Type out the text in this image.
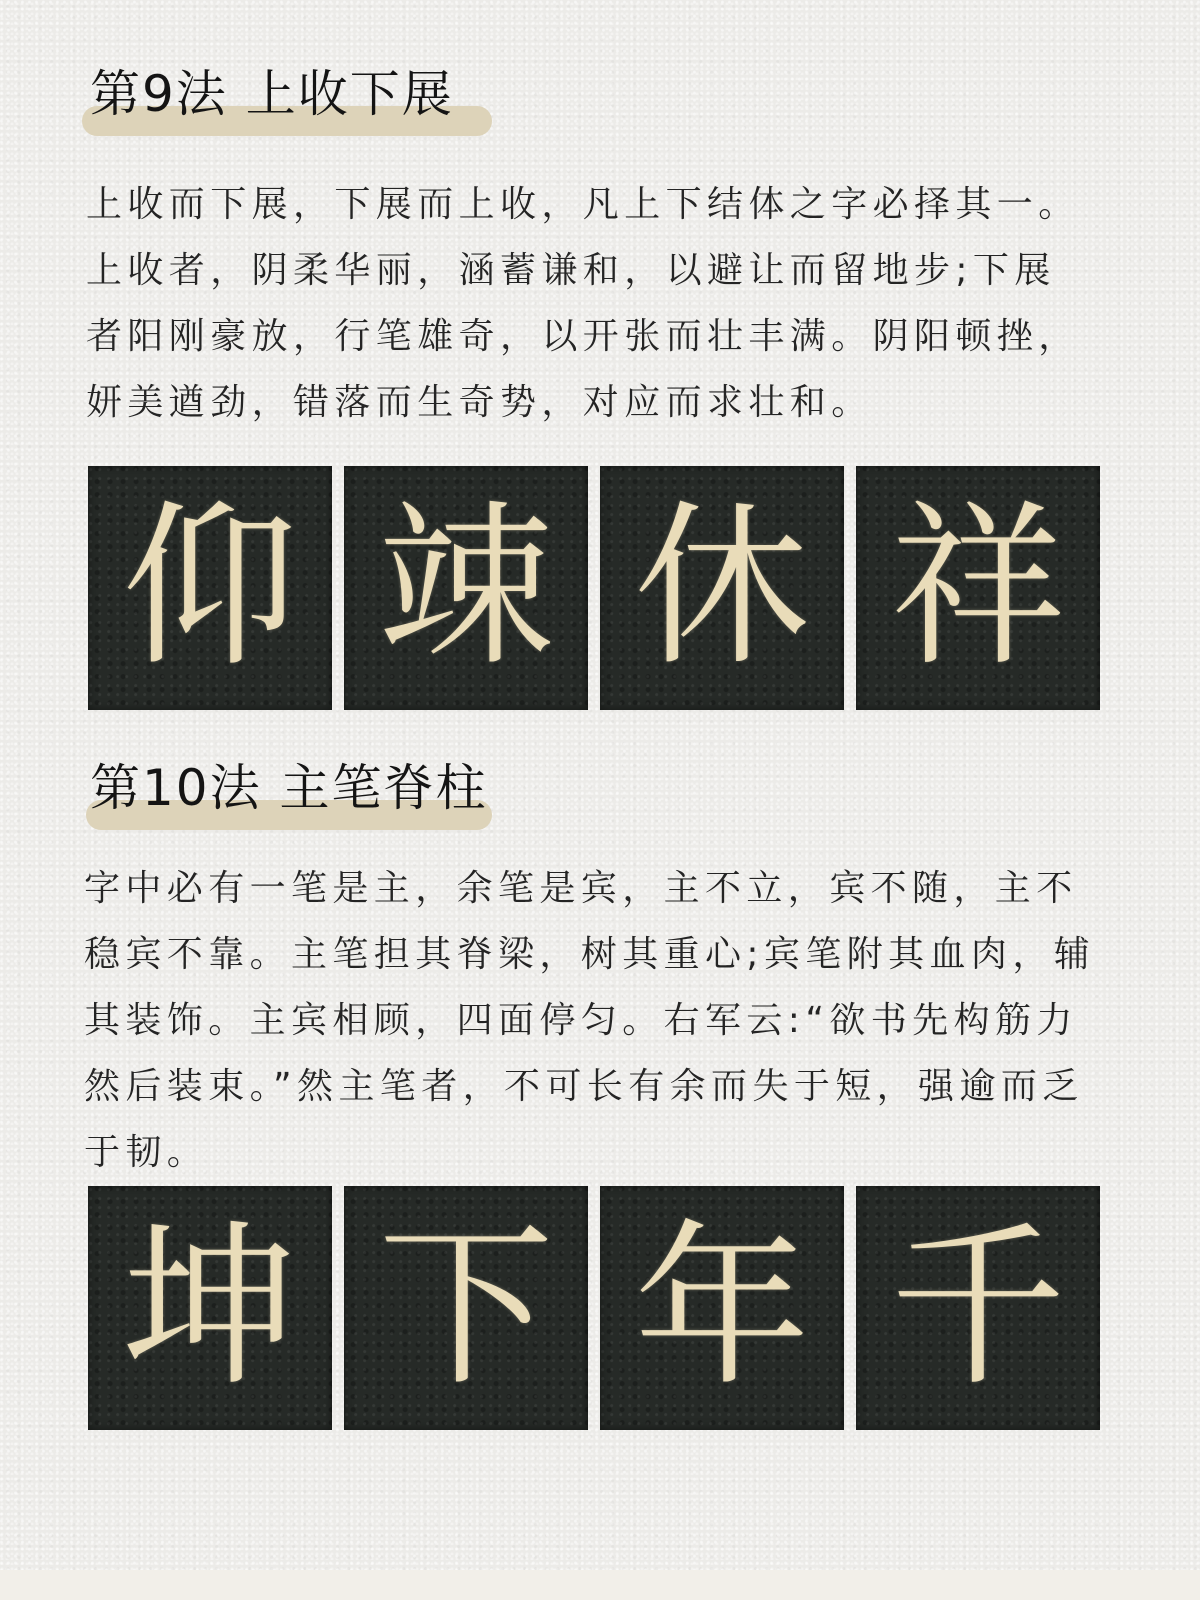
第9法 上收下展

上收而下展，下展而上收，凡上下结体之字必择其一。上收者，阴柔华丽，涵蓄谦和，以避让而留地步;下展者阳刚豪放，行笔雄奇，以开张而壮丰满。阴阳顿挫，妍美遒劲，错落而生奇势，对应而求壮和。

仰 竦 休 祥
第10法 主笔脊柱

字中必有一笔是主，余笔是宾，主不立，宾不随，主不稳宾不靠。主笔担其脊梁，树其重心;宾笔附其血肉，辅其装饰。主宾相顾，四面停匀。右军云:“欲书先构筋力然后装束。”然主笔者，不可长有余而失于短，强逾而乏于韧。

坤 下 年 千
